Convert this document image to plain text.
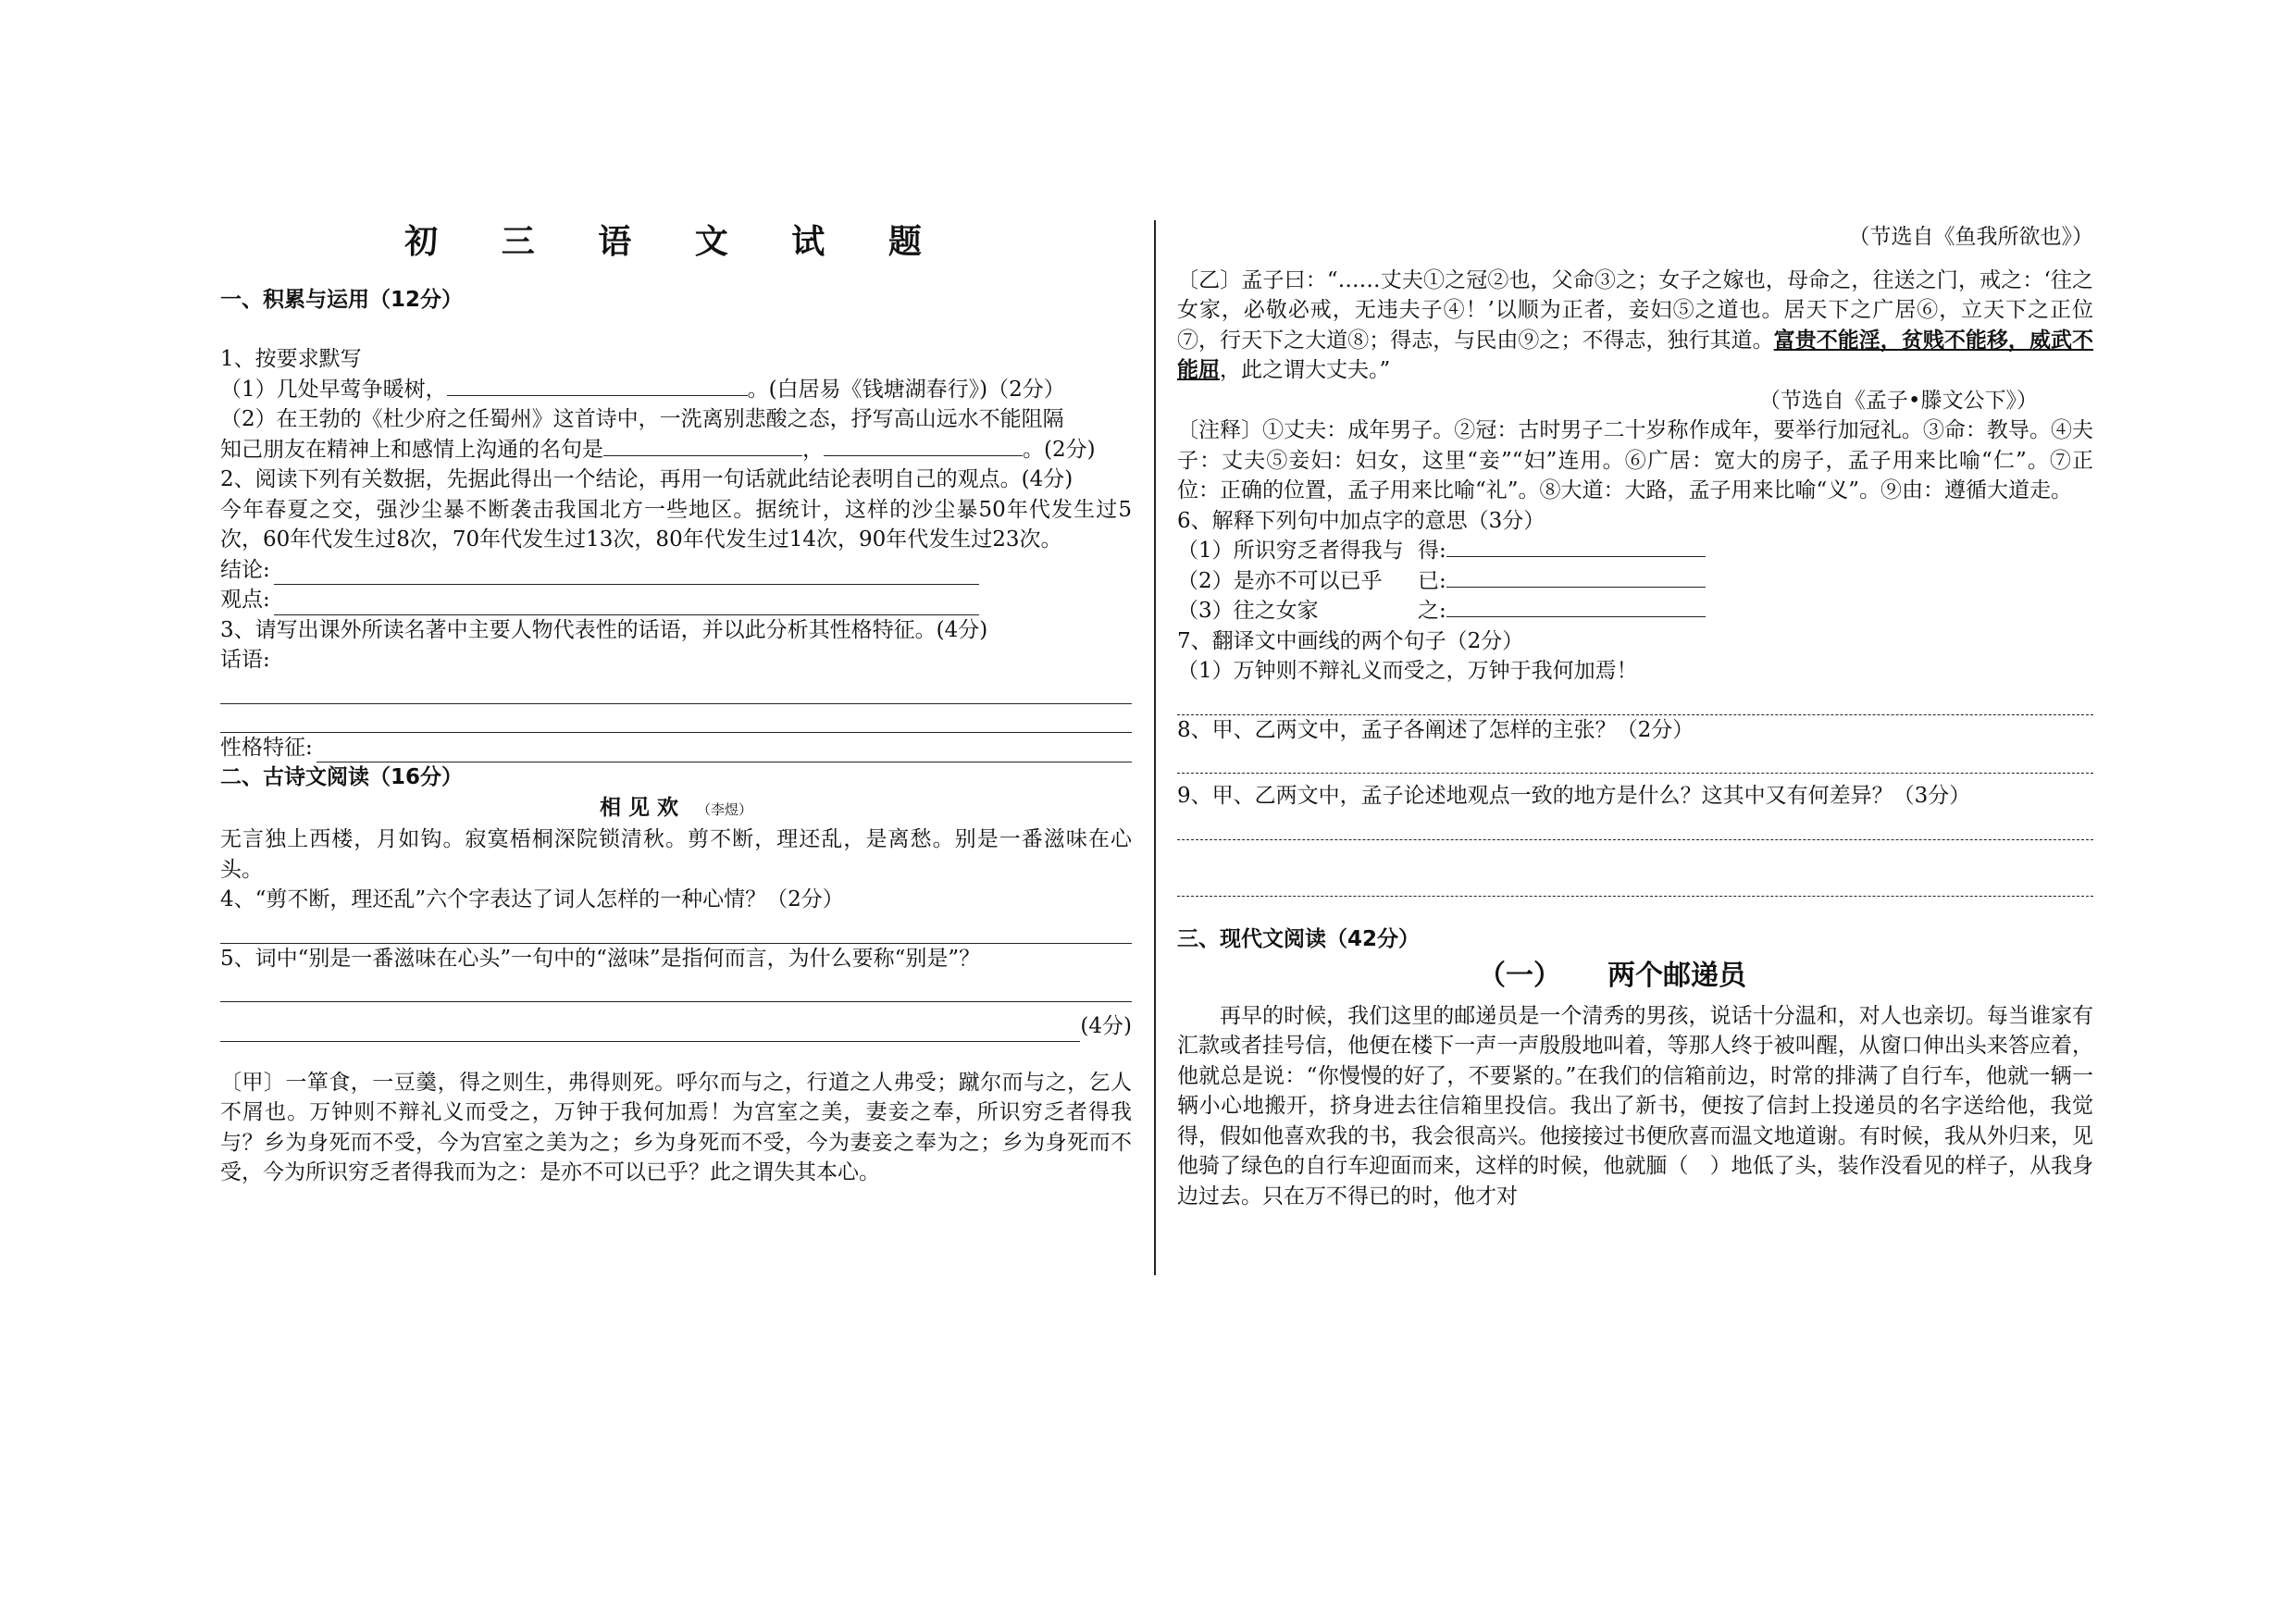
初 三 语 文 试 题

一、积累与运用（12分）

1、按要求默写

（1）几处早莺争暖树，	。(白居易《钱塘湖春行》)（2分）

（2）在王勃的《杜少府之任蜀州》这首诗中，一洗离别悲酸之态，抒写高山远水不能阻隔

知己朋友在精神上和感情上沟通的名句是	，	。(2分)

2、阅读下列有关数据，先据此得出一个结论，再用一句话就此结论表明自己的观点。(4分)

今年春夏之交，强沙尘暴不断袭击我国北方一些地区。据统计，这样的沙尘暴50年代发生过5次，60年代发生过8次，70年代发生过13次，80年代发生过14次，90年代发生过23次。

结论:
观点:

3、请写出课外所读名著中主要人物代表性的话语，并以此分析其性格特征。(4分)

话语:

性格特征:

二、古诗文阅读（16分）

相 见 欢 （李煜）

无言独上西楼，月如钩。寂寞梧桐深院锁清秋。剪不断，理还乱，是离愁。别是一番滋味在心头。

4、“剪不断，理还乱”六个字表达了词人怎样的一种心情？（2分）

5、词中“别是一番滋味在心头”一句中的“滋味”是指何而言，为什么要称“别是”？

(4分)

〔甲〕一箪食，一豆羹，得之则生，弗得则死。呼尔而与之，行道之人弗受；蹴尔而与之，乞人不屑也。万钟则不辩礼义而受之，万钟于我何加焉！为宫室之美，妻妾之奉，所识穷乏者得我与？乡为身死而不受，今为宫室之美为之；乡为身死而不受，今为妻妾之奉为之；乡为身死而不受，今为所识穷乏者得我而为之：是亦不可以已乎？此之谓失其本心。

（节选自《鱼我所欲也》）

〔乙〕孟子曰：“……丈夫①之冠②也，父命③之；女子之嫁也，母命之，往送之门，戒之：‘往之女家，必敬必戒，无违夫子④！’以顺为正者，妾妇⑤之道也。居天下之广居⑥，立天下之正位⑦，行天下之大道⑧；得志，与民由⑨之；不得志，独行其道。富贵不能淫，贫贱不能移，威武不能屈，此之谓大丈夫。”

（节选自《孟子•滕文公下》）

〔注释〕①丈夫：成年男子。②冠：古时男子二十岁称作成年，要举行加冠礼。③命：教导。④夫子：丈夫⑤妾妇：妇女，这里“妾”“妇”连用。⑥广居：宽大的房子，孟子用来比喻“仁”。⑦正位：正确的位置，孟子用来比喻“礼”。⑧大道：大路，孟子用来比喻“义”。⑨由：遵循大道走。

6、解释下列句中加点字的意思（3分）

（1）所识穷乏者得我与 得:
（2）是亦不可以已乎	已:
（3）往之女家	之:

7、翻译文中画线的两个句子（2分）

（1）万钟则不辩礼义而受之，万钟于我何加焉！

8、甲、乙两文中，孟子各阐述了怎样的主张？（2分）

9、甲、乙两文中，孟子论述地观点一致的地方是什么？这其中又有何差异？（3分）

三、现代文阅读（42分）

（一） 两个邮递员

再早的时候，我们这里的邮递员是一个清秀的男孩，说话十分温和，对人也亲切。每当谁家有汇款或者挂号信，他便在楼下一声一声殷殷地叫着，等那人终于被叫醒，从窗口伸出头来答应着，他就总是说：“你慢慢的好了，不要紧的。”在我们的信箱前边，时常的排满了自行车，他就一辆一辆小心地搬开，挤身进去往信箱里投信。我出了新书，便按了信封上投递员的名字送给他，我觉得，假如他喜欢我的书，我会很高兴。他接接过书便欣喜而温文地道谢。有时候，我从外归来，见他骑了绿色的自行车迎面而来，这样的时候，他就腼（　）地低了头，装作没看见的样子，从我身边过去。只在万不得已的时，他才对
